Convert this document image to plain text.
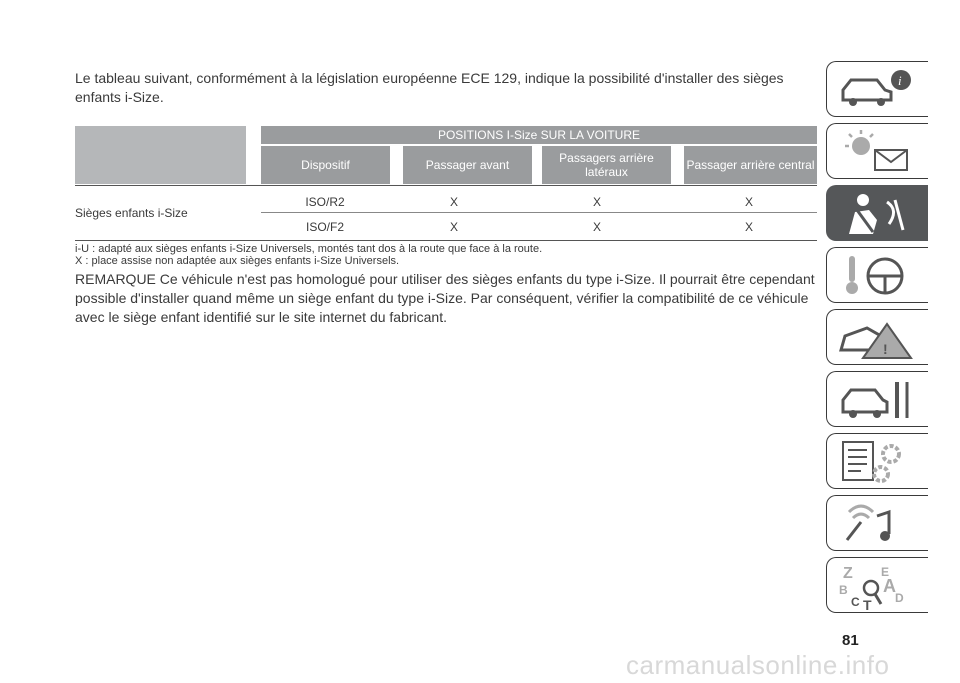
Le tableau suivant, conformément à la législation européenne ECE 129, indique la possibilité d'installer des sièges enfants i-Size.
POSITIONS I-Size SUR LA VOITURE
Dispositif	Passager avant	Passagers arrière latéraux	Passager arrière central
Sièges enfants i-Size
ISO/R2	X	X	X
ISO/F2	X	X	X
i-U : adapté aux sièges enfants i-Size Universels, montés tant dos à la route que face à la route.
X : place assise non adaptée aux sièges enfants i-Size Universels.
REMARQUE Ce véhicule n'est pas homologué pour utiliser des sièges enfants du type i-Size. Il pourrait être cependant possible d'installer quand même un siège enfant du type i-Size. Par conséquent, vérifier la compatibilité de ce véhicule avec le siège enfant identifié sur le site internet du fabricant.
i
!
Z E
B A
C	D
T
81
carmanualsonline.info
